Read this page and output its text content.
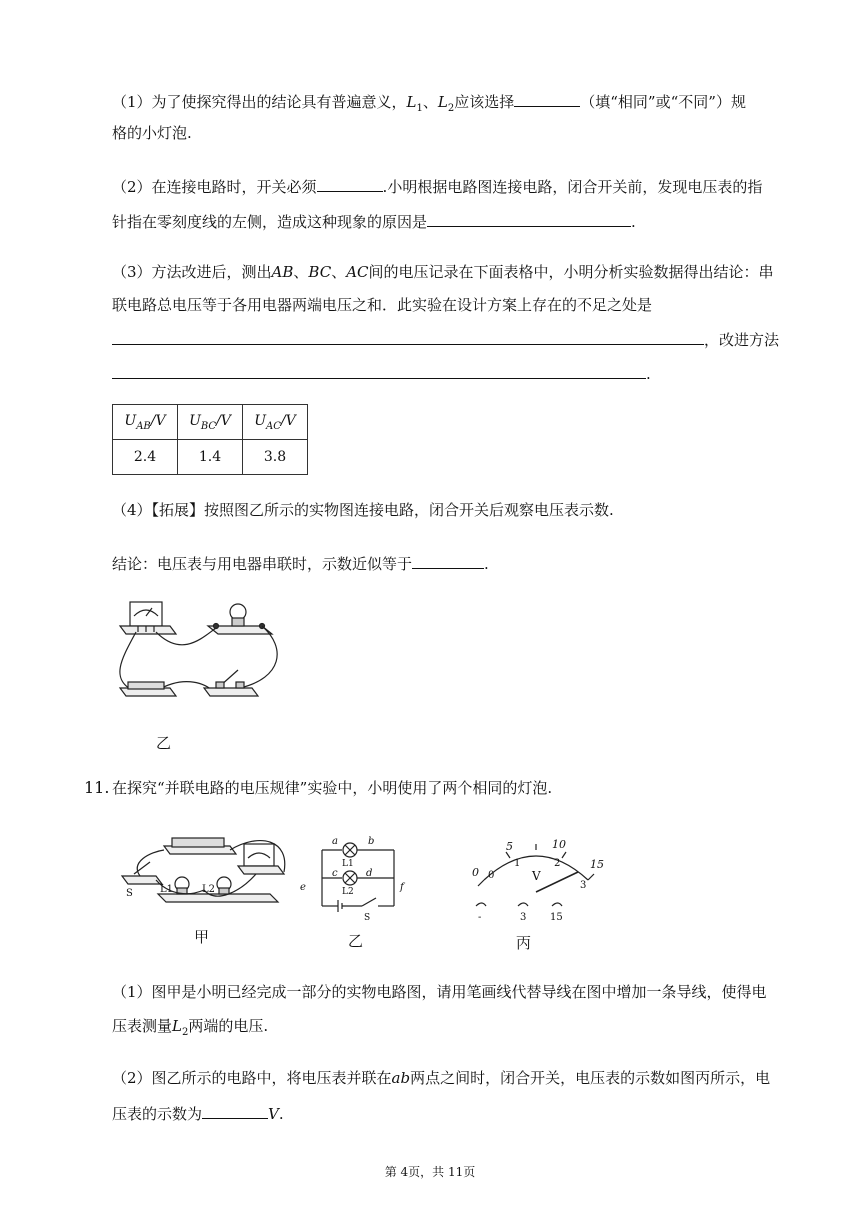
（1）为了使探究得出的结论具有普遍意义，$L_1$、$L_2$应该选择	（填“相同”或“不同”）规
格的小灯泡.
（2）在连接电路时，开关必须	.小明根据电路图连接电路，闭合开关前，发现电压表的指
针指在零刻度线的左侧，造成这种现象的原因是	.
（3）方法改进后，测出AB、BC、AC间的电压记录在下面表格中，小明分析实验数据得出结论：串
联电路总电压等于各用电器两端电压之和．此实验在设计方案上存在的不足之处是
，改进方法
.
$U_{AB}/V$	$U_{BC}/V$	$U_{AC}/V$
2.4	1.4	3.8
（4）【拓展】按照图乙所示的实物图连接电路，闭合开关后观察电压表示数.
结论：电压表与用电器串联时，示数近似等于	.
乙
11. 在探究“并联电路的电压规律”实验中，小明使用了两个相同的灯泡.
S	L1	L2
甲
a	b
c	d
e	f
L1
L2
S
乙
0
5	10
15
0
1	2
3
V
-	3 15
丙
（1）图甲是小明已经完成一部分的实物电路图，请用笔画线代替导线在图中增加一条导线，使得电
压表测量$L_2$两端的电压.
（2）图乙所示的电路中，将电压表并联在ab两点之间时，闭合开关，电压表的示数如图丙所示，电
压表的示数为	V.
第 4页，共 11页
